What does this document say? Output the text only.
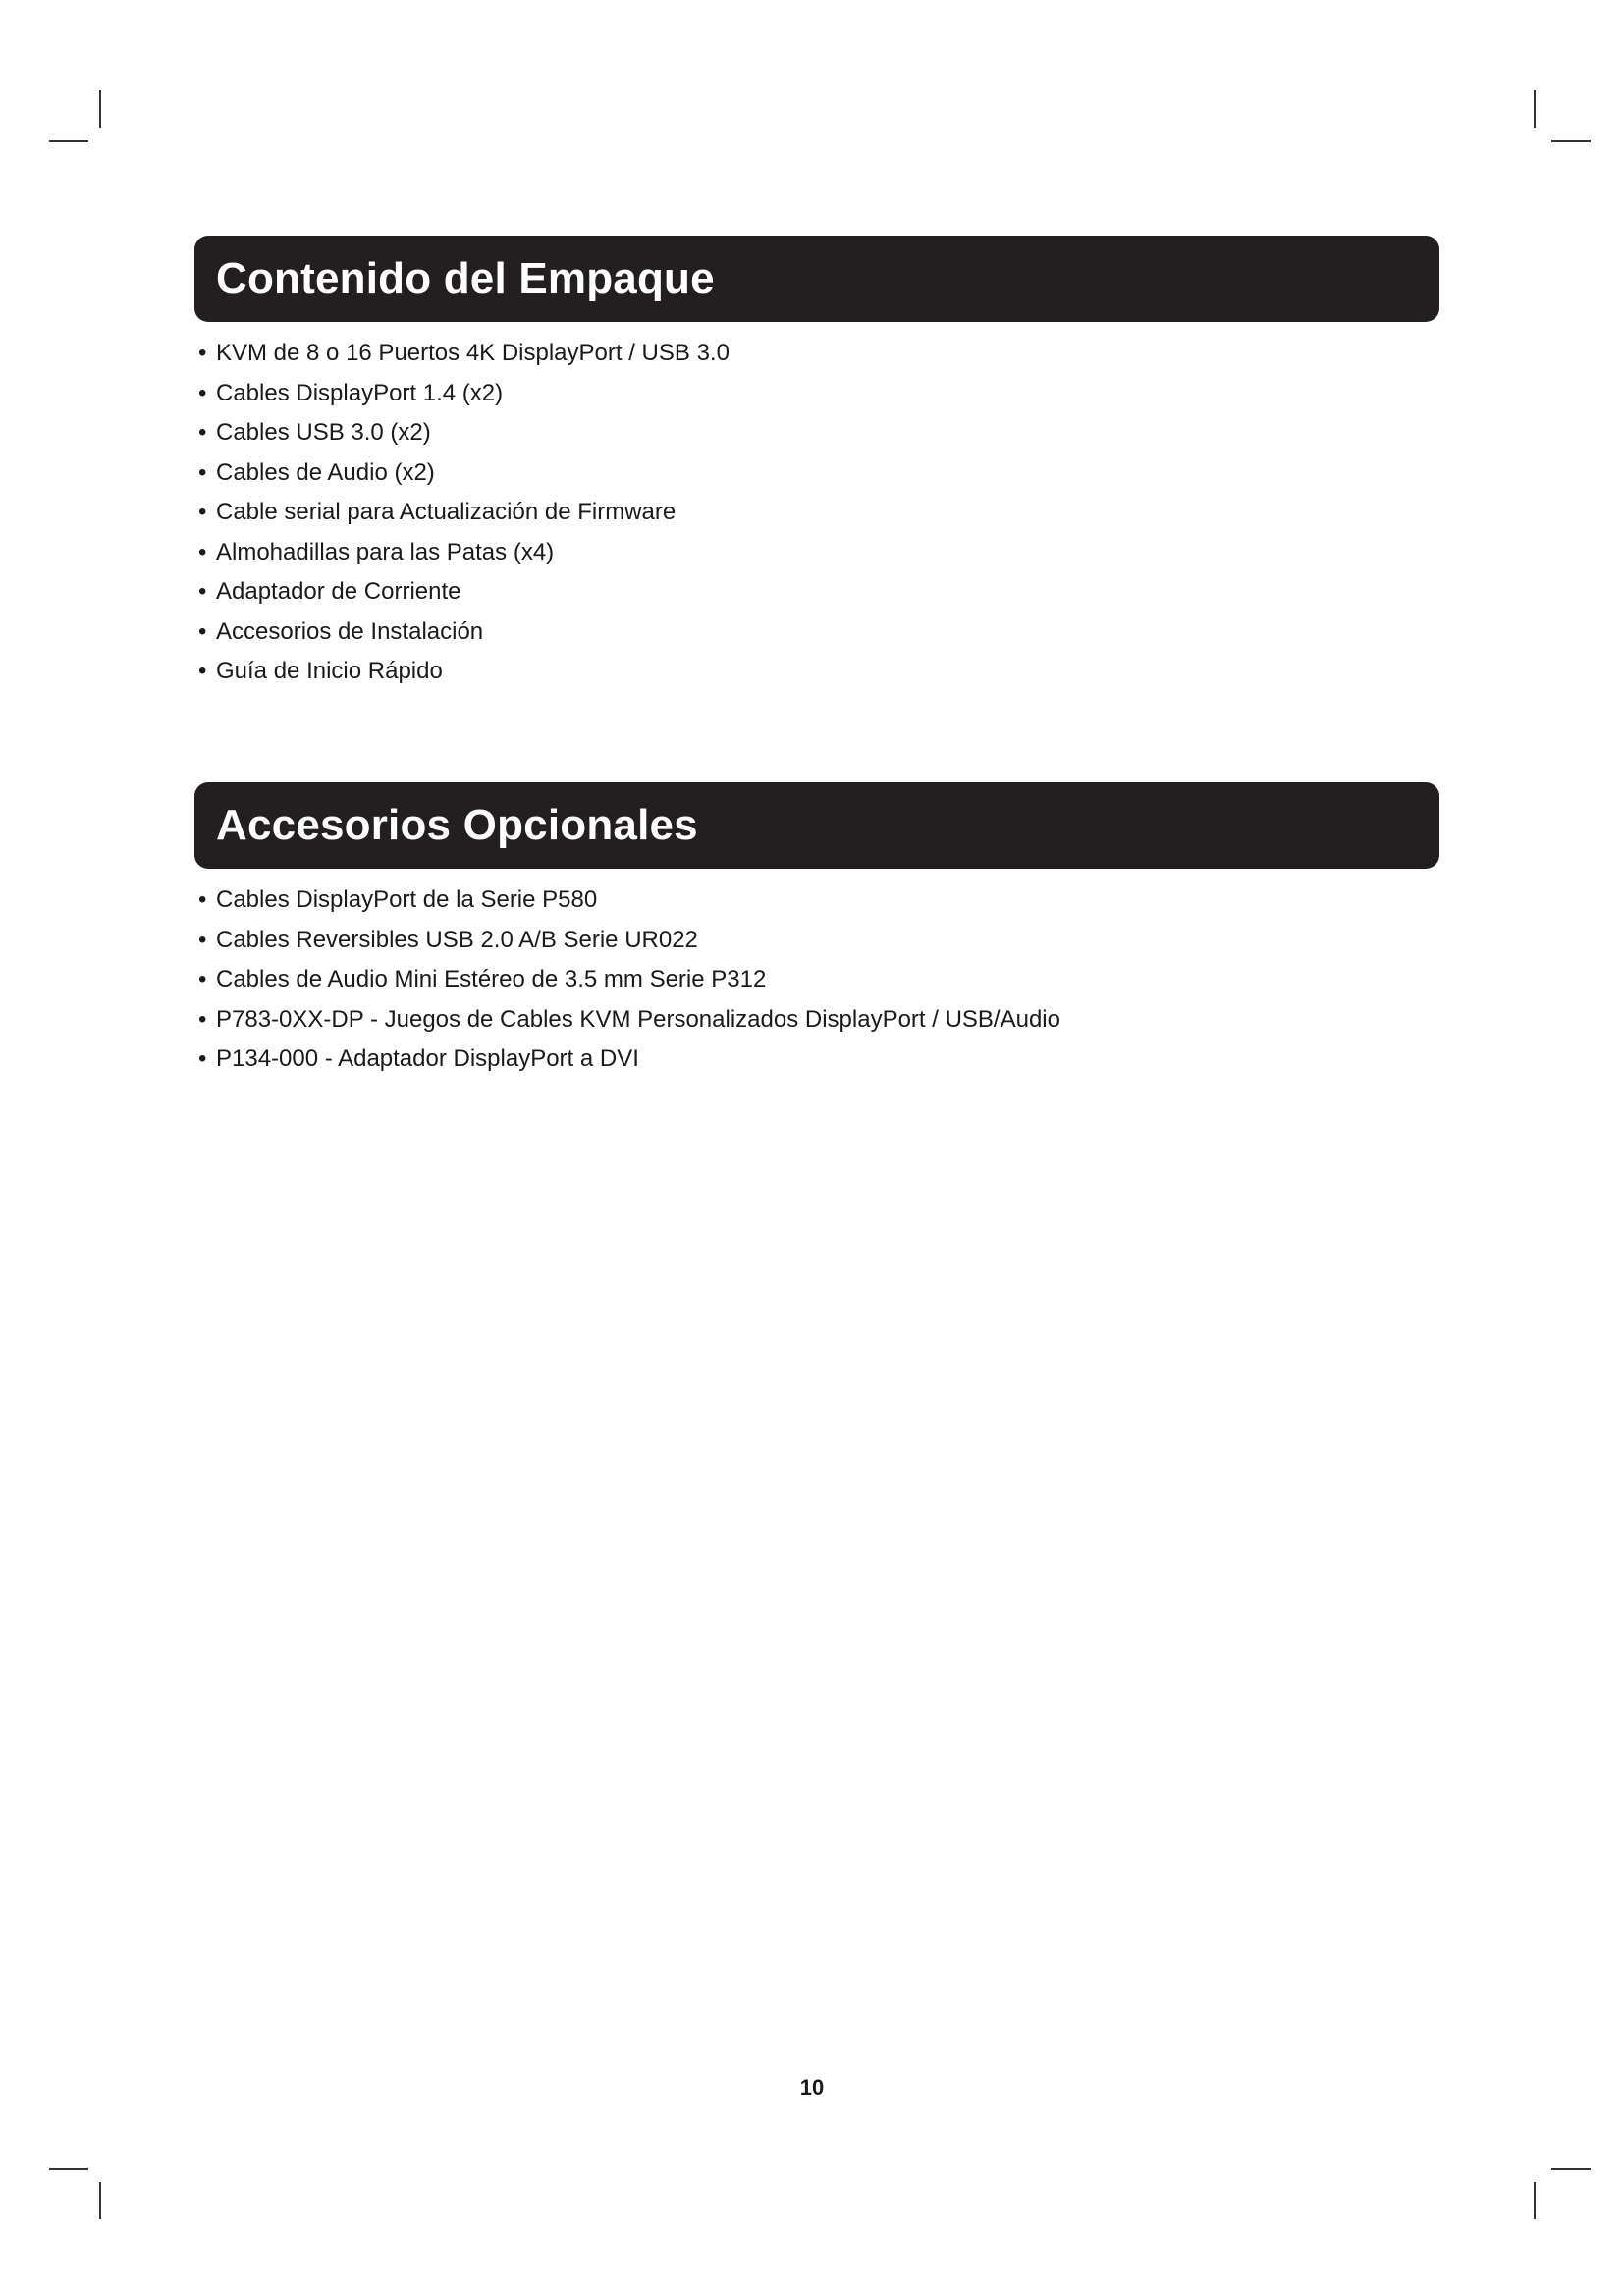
Contenido del Empaque
• KVM de 8 o 16 Puertos 4K DisplayPort / USB 3.0
• Cables DisplayPort 1.4 (x2)
• Cables USB 3.0 (x2)
• Cables de Audio (x2)
• Cable serial para Actualización de Firmware
• Almohadillas para las Patas (x4)
• Adaptador de Corriente
• Accesorios de Instalación
• Guía de Inicio Rápido
Accesorios Opcionales
• Cables DisplayPort de la Serie P580
• Cables Reversibles USB 2.0 A/B Serie UR022
• Cables de Audio Mini Estéreo de 3.5 mm Serie P312
• P783-0XX-DP - Juegos de Cables KVM Personalizados DisplayPort / USB/Audio
• P134-000 - Adaptador DisplayPort a DVI
10
